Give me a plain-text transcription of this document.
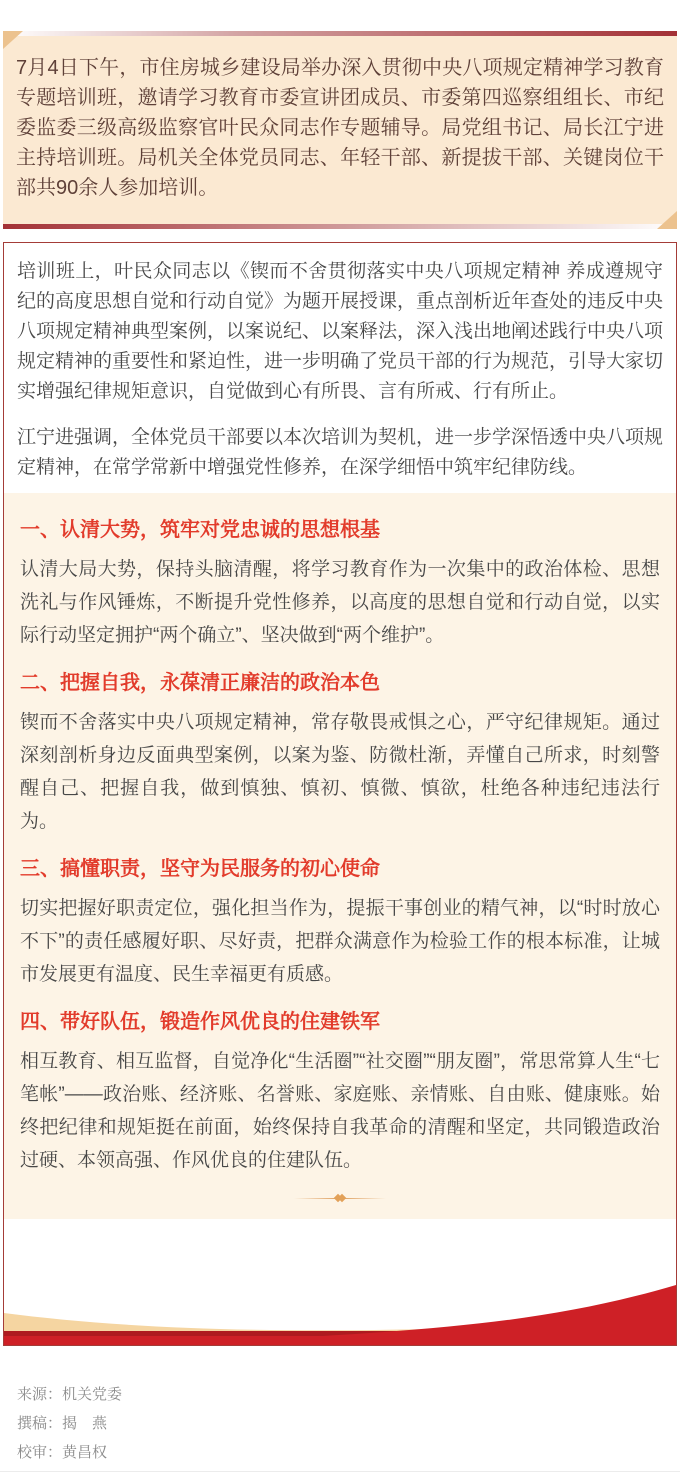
7月4日下午，市住房城乡建设局举办深入贯彻中央八项规定精神学习教育专题培训班，邀请学习教育市委宣讲团成员、市委第四巡察组组长、市纪委监委三级高级监察官叶民众同志作专题辅导。局党组书记、局长江宁进主持培训班。局机关全体党员同志、年轻干部、新提拔干部、关键岗位干部共90余人参加培训。

培训班上，叶民众同志以《锲而不舍贯彻落实中央八项规定精神 养成遵规守纪的高度思想自觉和行动自觉》为题开展授课，重点剖析近年查处的违反中央八项规定精神典型案例，以案说纪、以案释法，深入浅出地阐述践行中央八项规定精神的重要性和紧迫性，进一步明确了党员干部的行为规范，引导大家切实增强纪律规矩意识，自觉做到心有所畏、言有所戒、行有所止。

江宁进强调，全体党员干部要以本次培训为契机，进一步学深悟透中央八项规定精神，在常学常新中增强党性修养，在深学细悟中筑牢纪律防线。

一、认清大势，筑牢对党忠诚的思想根基

认清大局大势，保持头脑清醒，将学习教育作为一次集中的政治体检、思想洗礼与作风锤炼，不断提升党性修养，以高度的思想自觉和行动自觉，以实际行动坚定拥护“两个确立”、坚决做到“两个维护”。

二、把握自我，永葆清正廉洁的政治本色

锲而不舍落实中央八项规定精神，常存敬畏戒惧之心，严守纪律规矩。通过深刻剖析身边反面典型案例，以案为鉴、防微杜渐，弄懂自己所求，时刻警醒自己、把握自我，做到慎独、慎初、慎微、慎欲，杜绝各种违纪违法行为。

三、搞懂职责，坚守为民服务的初心使命

切实把握好职责定位，强化担当作为，提振干事创业的精气神，以“时时放心不下”的责任感履好职、尽好责，把群众满意作为检验工作的根本标准，让城市发展更有温度、民生幸福更有质感。

四、带好队伍，锻造作风优良的住建铁军

相互教育、相互监督，自觉净化“生活圈”“社交圈”“朋友圈”，常思常算人生“七笔帐”——政治账、经济账、名誉账、家庭账、亲情账、自由账、健康账。始终把纪律和规矩挺在前面，始终保持自我革命的清醒和坚定，共同锻造政治过硬、本领高强、作风优良的住建队伍。

来源：机关党委
撰稿：揭　燕
校审：黄昌权
